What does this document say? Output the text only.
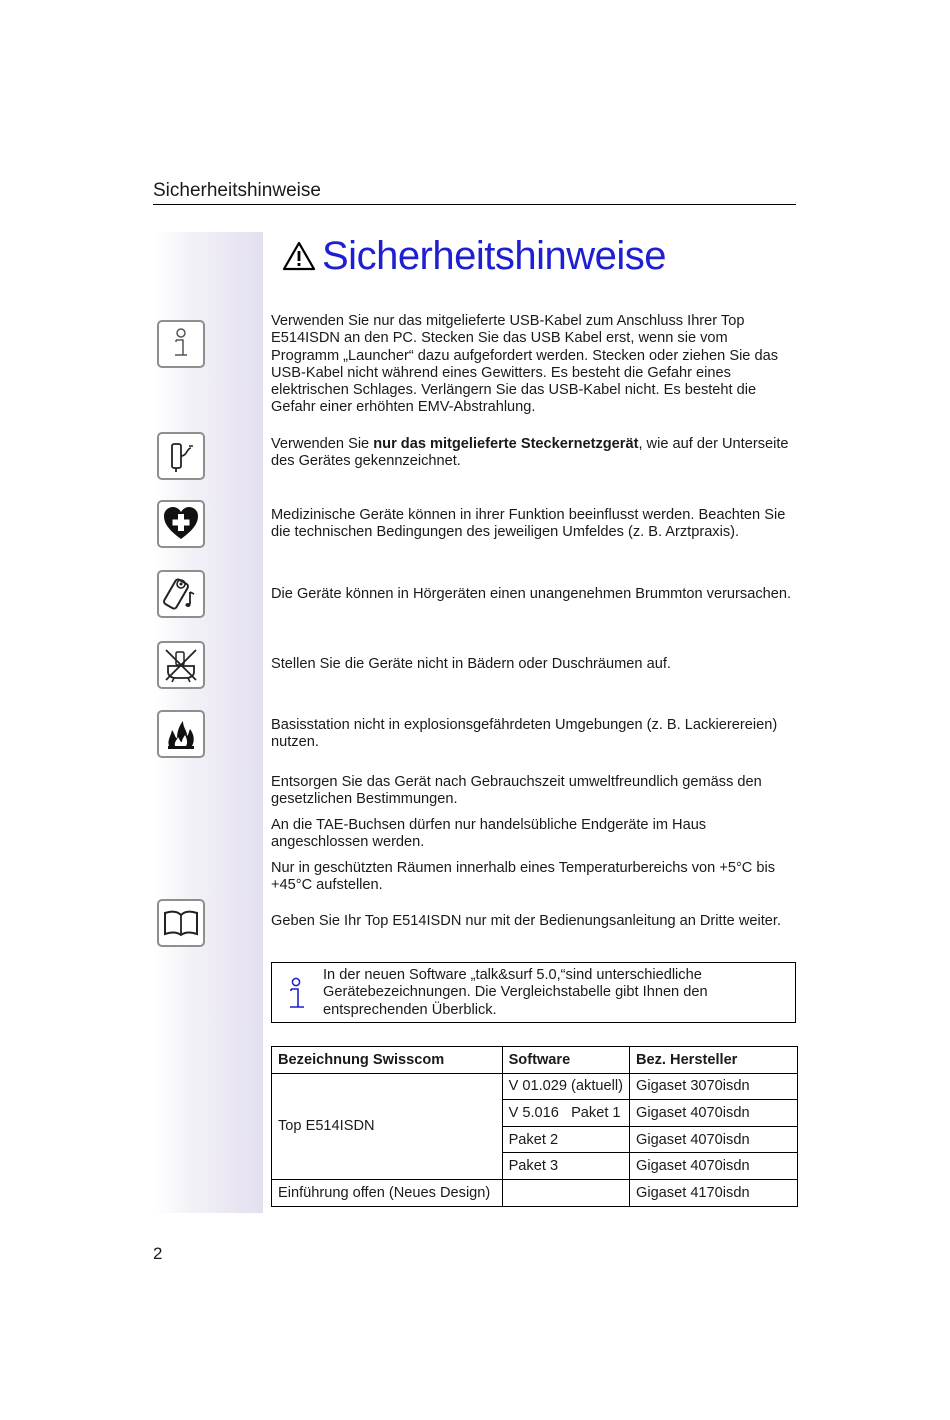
Sicherheitshinweise
Sicherheitshinweise

Verwenden Sie nur das mitgelieferte USB-Kabel zum Anschluss Ihrer Top E514ISDN an den PC. Stecken Sie das USB Kabel erst, wenn sie vom Programm „Launcher“ dazu aufgefordert werden. Stecken oder ziehen Sie das USB-Kabel nicht während eines Gewitters. Es besteht die Gefahr eines elektrischen Schlages. Verlängern Sie das USB-Kabel nicht. Es besteht die Gefahr einer erhöhten EMV-Abstrahlung.

Verwenden Sie nur das mitgelieferte Steckernetzgerät, wie auf der Unterseite des Gerätes gekennzeichnet.

Medizinische Geräte können in ihrer Funktion beeinflusst werden. Beachten Sie die technischen Bedingungen des jeweiligen Umfeldes (z. B. Arztpraxis).

Die Geräte können in Hörgeräten einen unangenehmen Brummton verursachen.

Stellen Sie die Geräte nicht in Bädern oder Duschräumen auf.

Basisstation nicht in explosionsgefährdeten Umgebungen (z. B. Lackierereien) nutzen.

Entsorgen Sie das Gerät nach Gebrauchszeit umweltfreundlich gemäss den gesetzlichen Bestimmungen.

An die TAE-Buchsen dürfen nur handelsübliche Endgeräte im Haus angeschlossen werden.

Nur in geschützten Räumen innerhalb eines Temperaturbereichs von +5°C bis +45°C aufstellen.

Geben Sie Ihr Top E514ISDN nur mit der Bedienungsanleitung an Dritte weiter.

In der neuen Software „talk&surf 5.0,“sind unterschiedliche Gerätebezeichnungen. Die Vergleichstabelle gibt Ihnen den entsprechenden Überblick.
Bezeichnung Swisscom	Software	Bez. Hersteller
Top E514ISDN	V 01.029 (aktuell)	Gigaset 3070isdn
	V 5.016 Paket 1	Gigaset 4070isdn
	Paket 2	Gigaset 4070isdn
	Paket 3	Gigaset 4070isdn
Einführung offen (Neues Design)		Gigaset 4170isdn
2
